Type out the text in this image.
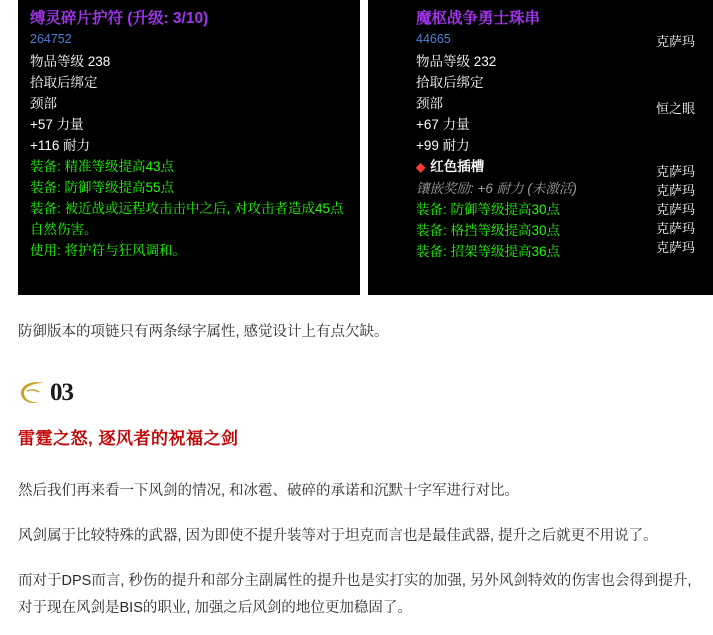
缚灵碎片护符 (升级: 3/10)
264752
物品等级 238
拾取后绑定
颈部
+57 力量
+116 耐力
装备: 精准等级提高43点
装备: 防御等级提高55点
装备: 被近战或远程攻击击中之后, 对攻击者造成45点自然伤害。
使用: 将护符与狂风调和。
魔枢战争勇士珠串
44665
物品等级 232
拾取后绑定
颈部
+67 力量
+99 耐力
◆ 红色插槽
镶嵌奖励: +6 耐力 (未激活)
装备: 防御等级提高30点
装备: 格挡等级提高30点
装备: 招架等级提高36点
克萨玛
恒之眼
克萨玛
克萨玛
克萨玛
克萨玛
克萨玛

防御版本的项链只有两条绿字属性, 感觉设计上有点欠缺。

03
雷霆之怒, 逐风者的祝福之剑

然后我们再来看一下风剑的情况, 和冰雹、破碎的承诺和沉默十字军进行对比。

风剑属于比较特殊的武器, 因为即使不提升装等对于坦克而言也是最佳武器, 提升之后就更不用说了。

而对于DPS而言, 秒伤的提升和部分主副属性的提升也是实打实的加强, 另外风剑特效的伤害也会得到提升, 对于现在风剑是BIS的职业, 加强之后风剑的地位更加稳固了。
